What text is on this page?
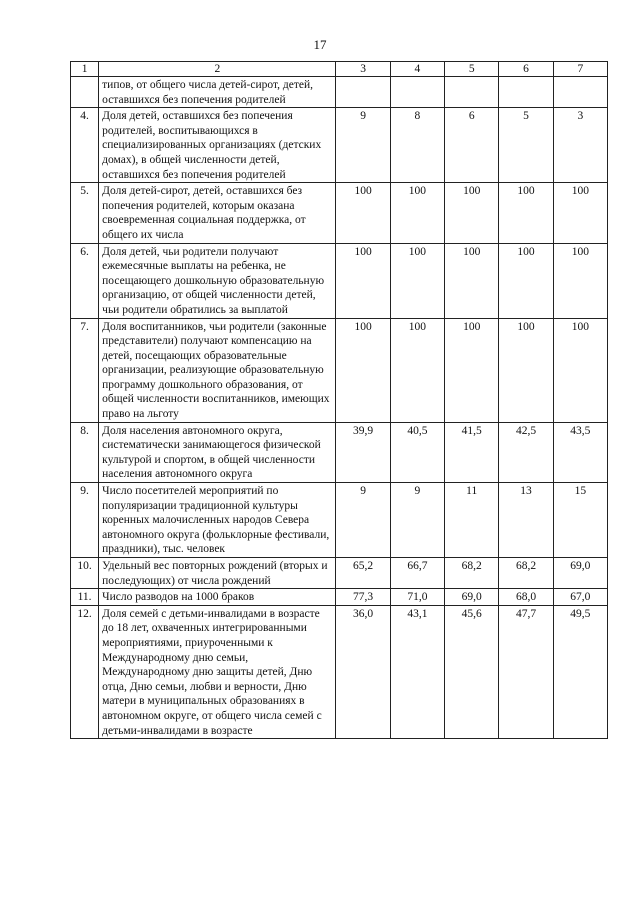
17
1	2	3	4	5	6	7
	типов, от общего числа детей-сирот, детей, оставшихся без попечения родителей					
4.	Доля детей, оставшихся без попечения родителей, воспитывающихся в специализированных организациях (детских домах), в общей численности детей, оставшихся без попечения родителей	9	8	6	5	3
5.	Доля детей-сирот, детей, оставшихся без попечения родителей, которым оказана своевременная социальная поддержка, от общего их числа	100	100	100	100	100
6.	Доля детей, чьи родители получают ежемесячные выплаты на ребенка, не посещающего дошкольную образовательную организацию, от общей численности детей, чьи родители обратились за выплатой	100	100	100	100	100
7.	Доля воспитанников, чьи родители (законные представители) получают компенсацию на детей, посещающих образовательные организации, реализующие образовательную программу дошкольного образования, от общей численности воспитанников, имеющих право на льготу	100	100	100	100	100
8.	Доля населения автономного округа, систематически занимающегося физической культурой и спортом, в общей численности населения автономного округа	39,9	40,5	41,5	42,5	43,5
9.	Число посетителей мероприятий по популяризации традиционной культуры коренных малочисленных народов Севера автономного округа (фольклорные фестивали, праздники), тыс. человек	9	9	11	13	15
10.	Удельный вес повторных рождений (вторых и последующих) от числа рождений	65,2	66,7	68,2	68,2	69,0
11.	Число разводов на 1000 браков	77,3	71,0	69,0	68,0	67,0
12.	Доля семей с детьми-инвалидами в возрасте до 18 лет, охваченных интегрированными мероприятиями, приуроченными к Международному дню семьи, Международному дню защиты детей, Дню отца, Дню семьи, любви и верности, Дню матери в муниципальных образованиях в автономном округе, от общего числа семей с детьми-инвалидами в возрасте	36,0	43,1	45,6	47,7	49,5
